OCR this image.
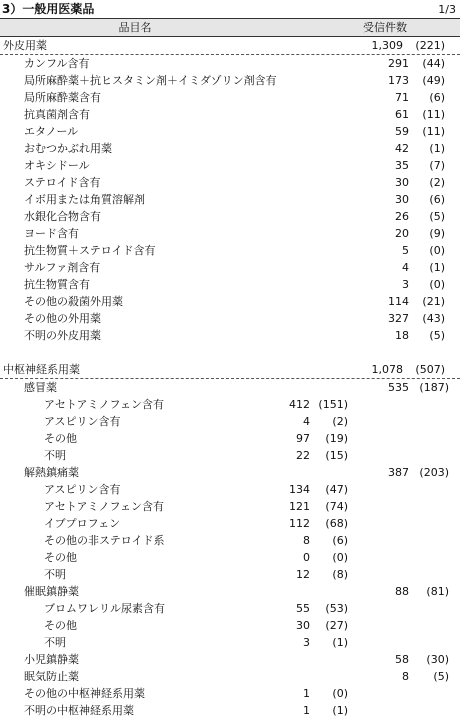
3）一般用医薬品	1/3
品目名	受信件数
外皮用薬	1,309 (221)
カンフル含有	291 (44)
局所麻酔薬＋抗ヒスタミン剤＋イミダゾリン剤含有	173 (49)
局所麻酔薬含有	71 (6)
抗真菌剤含有	61 (11)
エタノール	59 (11)
おむつかぶれ用薬	42 (1)
オキシドール	35 (7)
ステロイド含有	30 (2)
イボ用または角質溶解剤	30 (6)
水銀化合物含有	26 (5)
ヨード含有	20 (9)
抗生物質＋ステロイド含有	5 (0)
サルファ剤含有	4 (1)
抗生物質含有	3 (0)
その他の殺菌外用薬	114 (21)
その他の外用薬	327 (43)
不明の外皮用薬	18 (5)
中枢神経系用薬	1,078 (507)
感冒薬	535 (187)
アセトアミノフェン含有	412 (151)
アスピリン含有	4 (2)
その他	97 (19)
不明	22 (15)
解熱鎮痛薬	387 (203)
アスピリン含有	134 (47)
アセトアミノフェン含有	121 (74)
イブプロフェン	112 (68)
その他の非ステロイド系	8 (6)
その他	0 (0)
不明	12 (8)
催眠鎮静薬	88 (81)
ブロムワレリル尿素含有	55 (53)
その他	30 (27)
不明	3 (1)
小児鎮静薬	58 (30)
眠気防止薬	8 (5)
その他の中枢神経系用薬	1 (0)
不明の中枢神経系用薬	1 (1)
